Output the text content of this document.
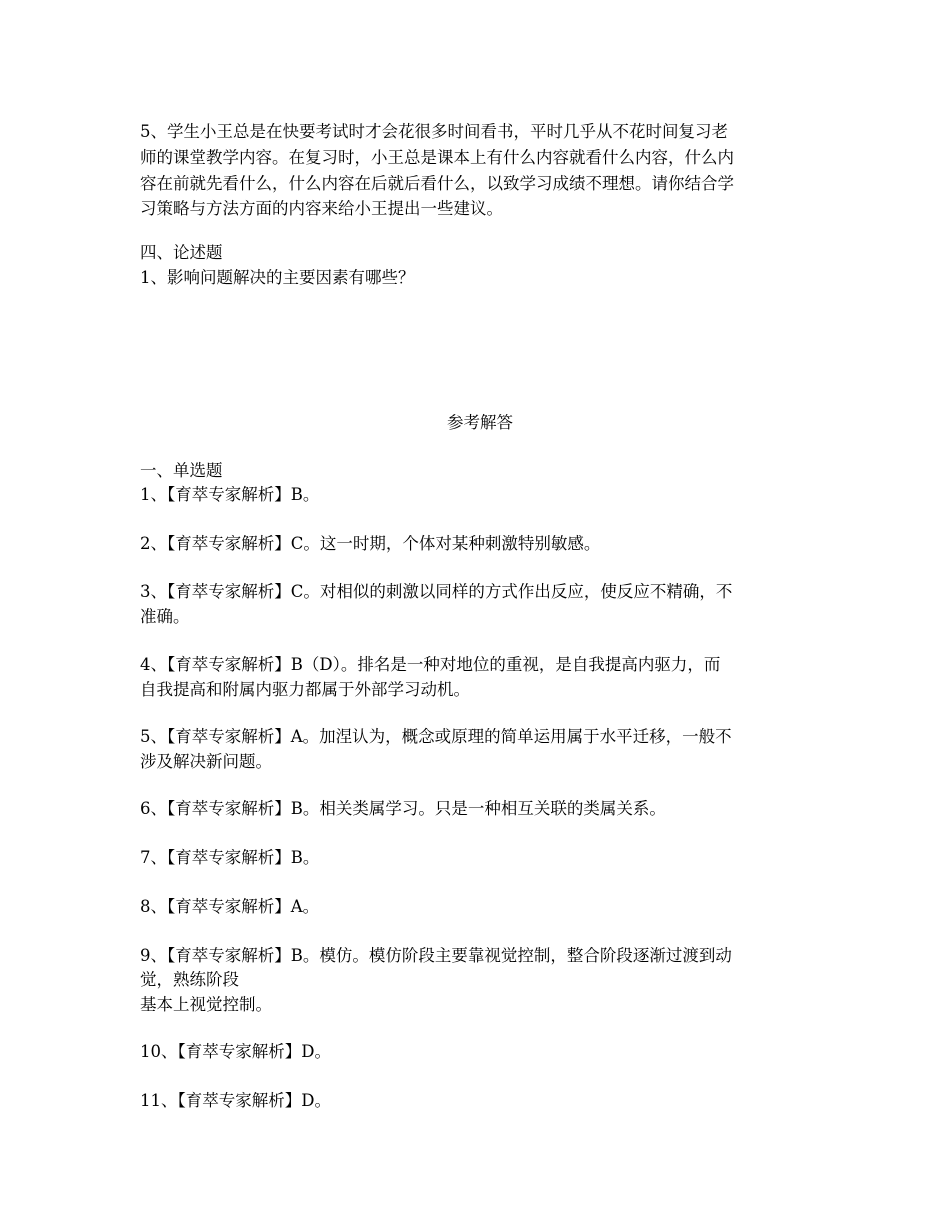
5、学生小王总是在快要考试时才会花很多时间看书，平时几乎从不花时间复习老
师的课堂教学内容。在复习时，小王总是课本上有什么内容就看什么内容，什么内
容在前就先看什么，什么内容在后就后看什么，以致学习成绩不理想。请你结合学
习策略与方法方面的内容来给小王提出一些建议。
四、论述题
1、影响问题解决的主要因素有哪些？
参考解答
一、单选题
1、【育萃专家解析】B。
2、【育萃专家解析】C。这一时期，个体对某种刺激特别敏感。
3、【育萃专家解析】C。对相似的刺激以同样的方式作出反应，使反应不精确，不
准确。
4、【育萃专家解析】B（D）。排名是一种对地位的重视，是自我提高内驱力，而
自我提高和附属内驱力都属于外部学习动机。
5、【育萃专家解析】A。加涅认为，概念或原理的简单运用属于水平迁移，一般不
涉及解决新问题。
6、【育萃专家解析】B。相关类属学习。只是一种相互关联的类属关系。
7、【育萃专家解析】B。
8、【育萃专家解析】A。
9、【育萃专家解析】B。模仿。模仿阶段主要靠视觉控制，整合阶段逐渐过渡到动
觉，熟练阶段
基本上视觉控制。
10、【育萃专家解析】D。
11、【育萃专家解析】D。
